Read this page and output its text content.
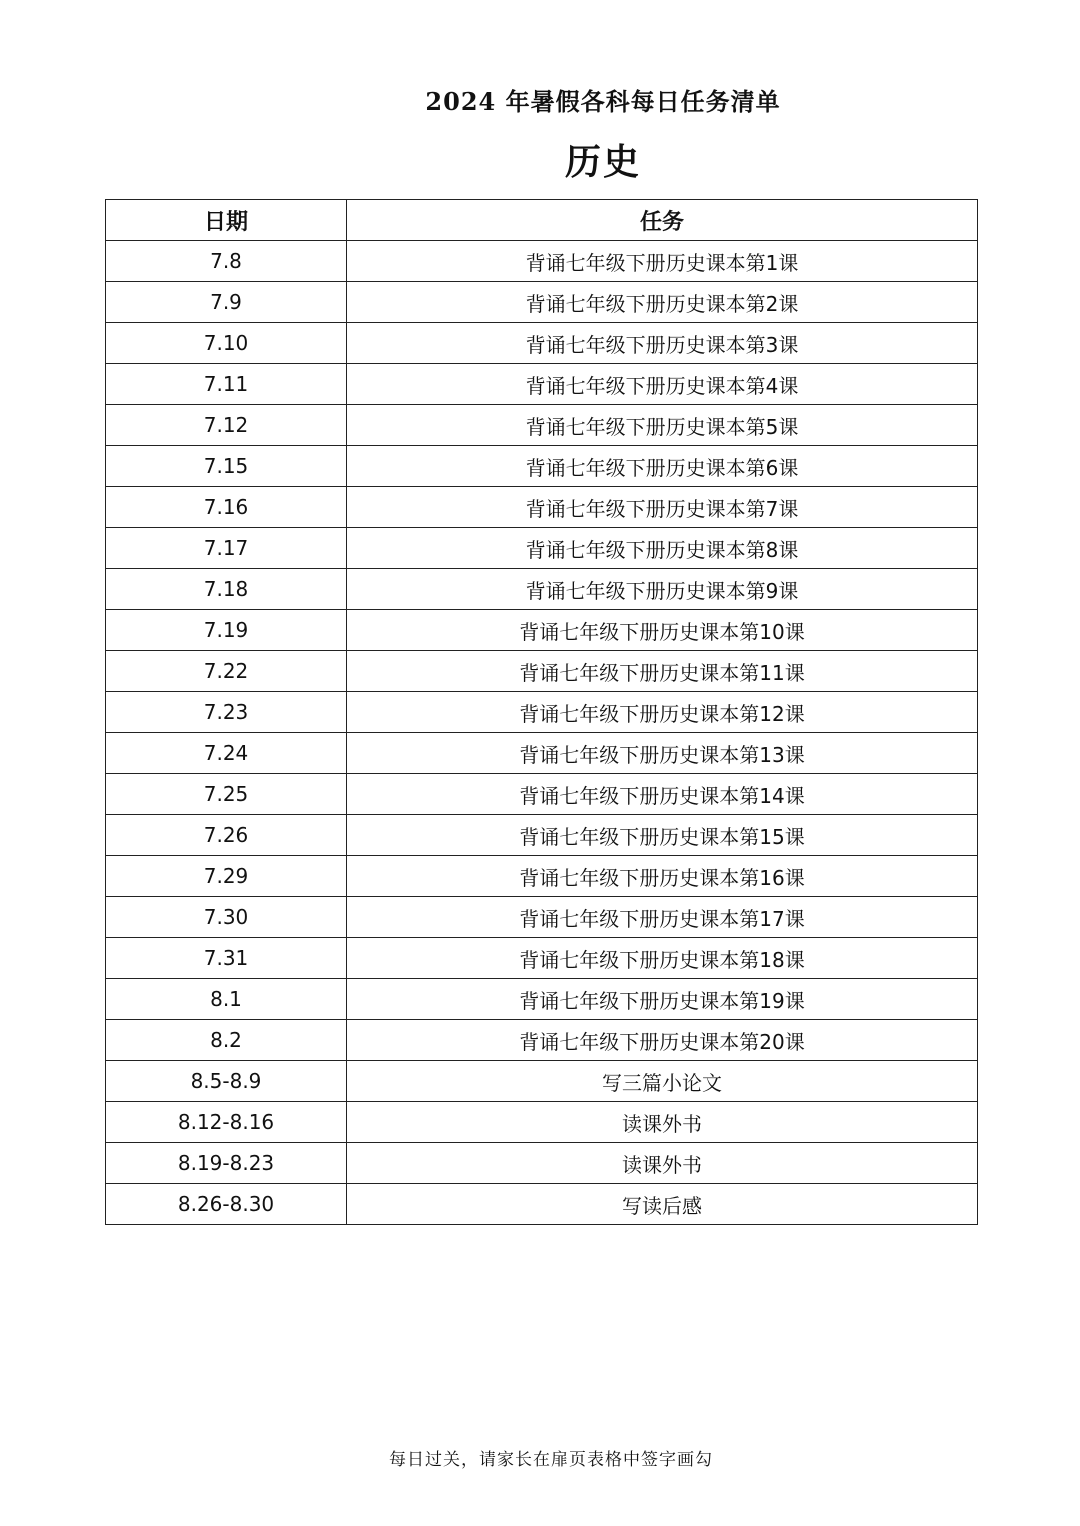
2024 年暑假各科每日任务清单
历史
日期	任务
7.8	背诵七年级下册历史课本第1课
7.9	背诵七年级下册历史课本第2课
7.10	背诵七年级下册历史课本第3课
7.11	背诵七年级下册历史课本第4课
7.12	背诵七年级下册历史课本第5课
7.15	背诵七年级下册历史课本第6课
7.16	背诵七年级下册历史课本第7课
7.17	背诵七年级下册历史课本第8课
7.18	背诵七年级下册历史课本第9课
7.19	背诵七年级下册历史课本第10课
7.22	背诵七年级下册历史课本第11课
7.23	背诵七年级下册历史课本第12课
7.24	背诵七年级下册历史课本第13课
7.25	背诵七年级下册历史课本第14课
7.26	背诵七年级下册历史课本第15课
7.29	背诵七年级下册历史课本第16课
7.30	背诵七年级下册历史课本第17课
7.31	背诵七年级下册历史课本第18课
8.1	背诵七年级下册历史课本第19课
8.2	背诵七年级下册历史课本第20课
8.5-8.9	写三篇小论文
8.12-8.16	读课外书
8.19-8.23	读课外书
8.26-8.30	写读后感
每日过关，请家长在扉页表格中签字画勾
